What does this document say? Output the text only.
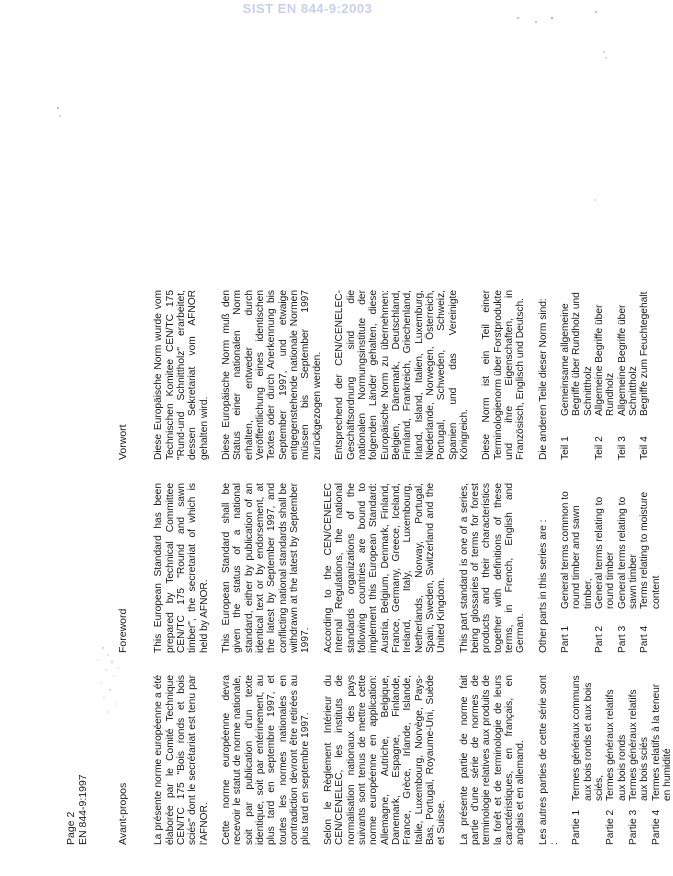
SIST EN 844-9:2003
Page 2 EN 844-9:1997	Avant-propos La présente norme européenne a été élaborée par le Comité Technique CEN/TC 175 "Bois ronds et bois sciés" dont le secrétariat est tenu par l'AFNOR. Cette norme européenne devra recevoir le statut de norme nationale, soit par publication d'un texte identique, soit par entérinement, au plus tard en septembre 1997, et toutes les normes nationales en contradiction devront être retirées au plus tard en septembre 1997. Selon le Règlement Intérieur du CEN/CENELEC, les instituts de normalisation nationaux des pays suivants sont tenus de mettre cette norme européenne en application: Allemagne, Autriche, Belgique, Danemark, Espagne, Finlande, France, Grèce, Irlande, Islande, Italie, Luxembourg, Norvège, Pays-Bas, Portugal, Royaume-Uni, Suède et Suisse. La présente partie de norme fait partie d'une série de normes de terminologie relatives aux produits de la forêt et de terminologie de leurs caractéristiques, en français, en anglais et en allemand. Les autres parties de cette série sont : Partie 1	Termes généraux communs aux bois ronds et aux bois sciés,
Partie 2	Termes généraux relatifs aux bois ronds
Partie 3	Termes généraux relatifs aux bois sciés
Partie 4	Termes relatifs à la teneur en humidité
Foreword This European Standard has been prepared by Technical Committee CEN/TC 175 "Round and sawn timber", the secretariat of which is held by AFNOR. This European Standard shall be given the status of a national standard, either by publication of an identical text or by endorsement, at the latest by September 1997, and conflicting national standards shall be withdrawn at the latest by September 1997. According to the CEN/CENELEC Internal Regulations, the national standards organizations of the following countries are bound to implement this European Standard: Austria, Belgium, Denmark, Finland, France, Germany, Greece, Iceland, Ireland, Italy, Luxembourg, Netherlands, Norway, Portugal, Spain, Sweden, Switzerland and the United Kingdom. This part standard is one of a series, being glossaries of terms for forest products and their characteristics together with definitions of these terms, in French, English and German. Other parts in this series are : Part 1	General terms common to round timber and sawn timber,
Part 2	General terms relating to round timber
Part 3	General terms relating to sawn timber
Part 4	Terms relating to moisture content
Vorwort Diese Europäische Norm wurde vom Technischen Komitee CEN/TC 175 "Rund-und Schnittholz" erarbeitet, dessen Sekretariat vom AFNOR gehalten wird. Diese Europäische Norm muß den Status einer nationalen Norm erhalten, entweder durch Veröffentlichung eines identischen Textes oder durch Anerkennung bis September 1997, und etwaige entgegenstehende nationale Normen müssen bis September 1997 zurückgezogen werden. Entsprechend der CEN/CENELEC-Geschäftsordnung sind die nationalen Normungsinstitute der folgenden Länder gehalten, diese Europäische Norm zu übernehmen: Belgien, Dänemark, Deutschland, Finnland, Frankreich, Griechenland, Irland, Island, Italien, Luxemburg, Niederlande, Norwegen, Österreich, Portugal, Schweden, Schweiz, Spanien und das Vereinigte Königreich. Diese Norm ist ein Teil einer Terminologienorm über Forstprodukte und ihre Eigenschaften, in Französisch, Englisch und Deutsch. Die anderen Teile dieser Norm sind: Teil 1	Gemeinsame allgemeine Begriffe über Rundholz und Schnittholz
Teil 2	Allgemeine Begriffe über Rundholz
Teil 3	Allgemeine Begriffe über Schnittholz
Teil 4	Begriffe zum Feuchtegehalt
